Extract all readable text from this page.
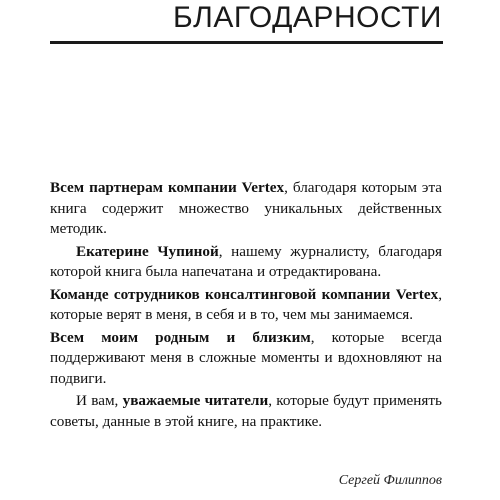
БЛАГОДАРНОСТИ

Всем партнерам компании Vertex, благодаря которым эта книга содержит множество уникальных действенных методик.

Екатерине Чупиной, нашему журналисту, благодаря которой книга была напечатана и отредактирована.

Команде сотрудников консалтинговой компании Vertex, которые верят в меня, в себя и в то, чем мы занимаемся.

Всем моим родным и близким, которые всегда поддерживают меня в сложные моменты и вдохновляют на подвиги.

И вам, уважаемые читатели, которые будут применять советы, данные в этой книге, на практике.

Сергей Филиппов
